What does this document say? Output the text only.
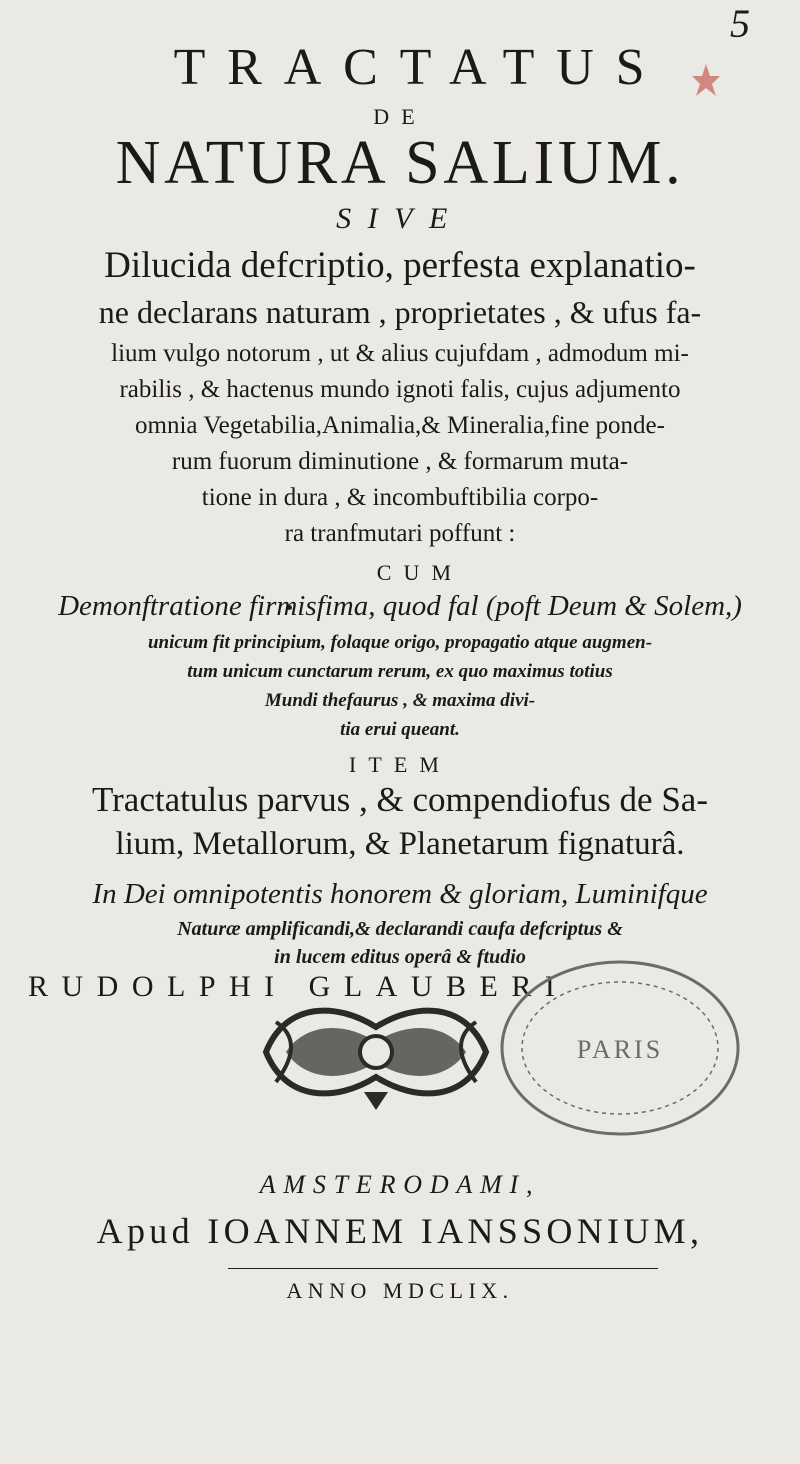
5
TRACTATUS
DE
NATURA SALIUM.
SIVE
Dilucida defcriptio, perfesta explanatio-
ne declarans naturam , proprietates , & ufus fa-
lium vulgo notorum , ut & alius cujufdam , admodum mi-
rabilis , & hactenus mundo ignoti falis, cujus adjumento
omnia Vegetabilia,Animalia,& Mineralia,fine ponde-
rum fuorum diminutione , & formarum muta-
tione in dura , & incombuftibilia corpo-
ra tranfmutari poffunt :
CUM
Demonftratione firmisfima, quod fal (poft Deum & Solem,)
unicum fit principium, folaque origo, propagatio atque augmen-
tum unicum cunctarum rerum, ex quo maximus totius
Mundi thefaurus , & maxima divi-
tia erui queant.
ITEM
Tractatulus parvus , & compendiofus de Sa-
lium, Metallorum, & Planetarum fignaturâ.
In Dei omnipotentis honorem & gloriam, Luminifque
Naturæ amplificandi,& declarandi caufa defcriptus &
in lucem editus operâ & ftudio
RUDOLPHI GLAUBERI
PARIS
AMSTERODAMI,
Apud IOANNEM IANSSONIUM,
ANNO MDCLIX.
